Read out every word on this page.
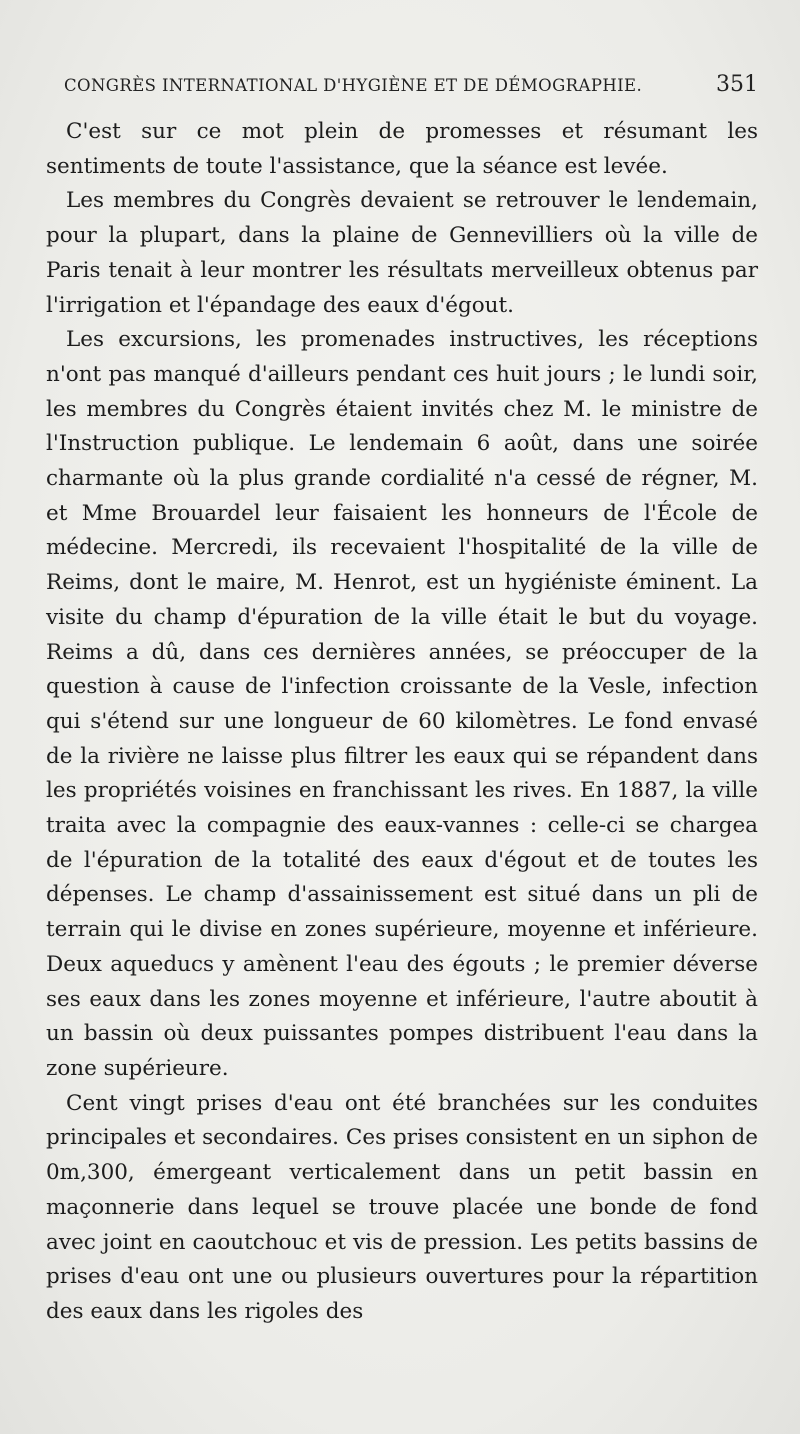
CONGRÈS INTERNATIONAL D'HYGIÈNE ET DE DÉMOGRAPHIE.	351

C'est sur ce mot plein de promesses et résumant les sentiments de toute l'assistance, que la séance est levée.

Les membres du Congrès devaient se retrouver le lendemain, pour la plupart, dans la plaine de Gennevilliers où la ville de Paris tenait à leur montrer les résultats merveilleux obtenus par l'irrigation et l'épandage des eaux d'égout.

Les excursions, les promenades instructives, les réceptions n'ont pas manqué d'ailleurs pendant ces huit jours ; le lundi soir, les membres du Congrès étaient invités chez M. le ministre de l'Instruction publique. Le lendemain 6 août, dans une soirée charmante où la plus grande cordialité n'a cessé de régner, M. et Mme Brouardel leur faisaient les honneurs de l'École de médecine. Mercredi, ils recevaient l'hospitalité de la ville de Reims, dont le maire, M. Henrot, est un hygiéniste éminent. La visite du champ d'épuration de la ville était le but du voyage. Reims a dû, dans ces dernières années, se préoccuper de la question à cause de l'infection croissante de la Vesle, infection qui s'étend sur une longueur de 60 kilomètres. Le fond envasé de la rivière ne laisse plus filtrer les eaux qui se répandent dans les propriétés voisines en franchissant les rives. En 1887, la ville traita avec la compagnie des eaux-vannes : celle-ci se chargea de l'épuration de la totalité des eaux d'égout et de toutes les dépenses. Le champ d'assainissement est situé dans un pli de terrain qui le divise en zones supérieure, moyenne et inférieure. Deux aqueducs y amènent l'eau des égouts ; le premier déverse ses eaux dans les zones moyenne et inférieure, l'autre aboutit à un bassin où deux puissantes pompes distribuent l'eau dans la zone supérieure.

Cent vingt prises d'eau ont été branchées sur les conduites principales et secondaires. Ces prises consistent en un siphon de 0m,300, émergeant verticalement dans un petit bassin en maçonnerie dans lequel se trouve placée une bonde de fond avec joint en caoutchouc et vis de pression. Les petits bassins de prises d'eau ont une ou plusieurs ouvertures pour la répartition des eaux dans les rigoles des
